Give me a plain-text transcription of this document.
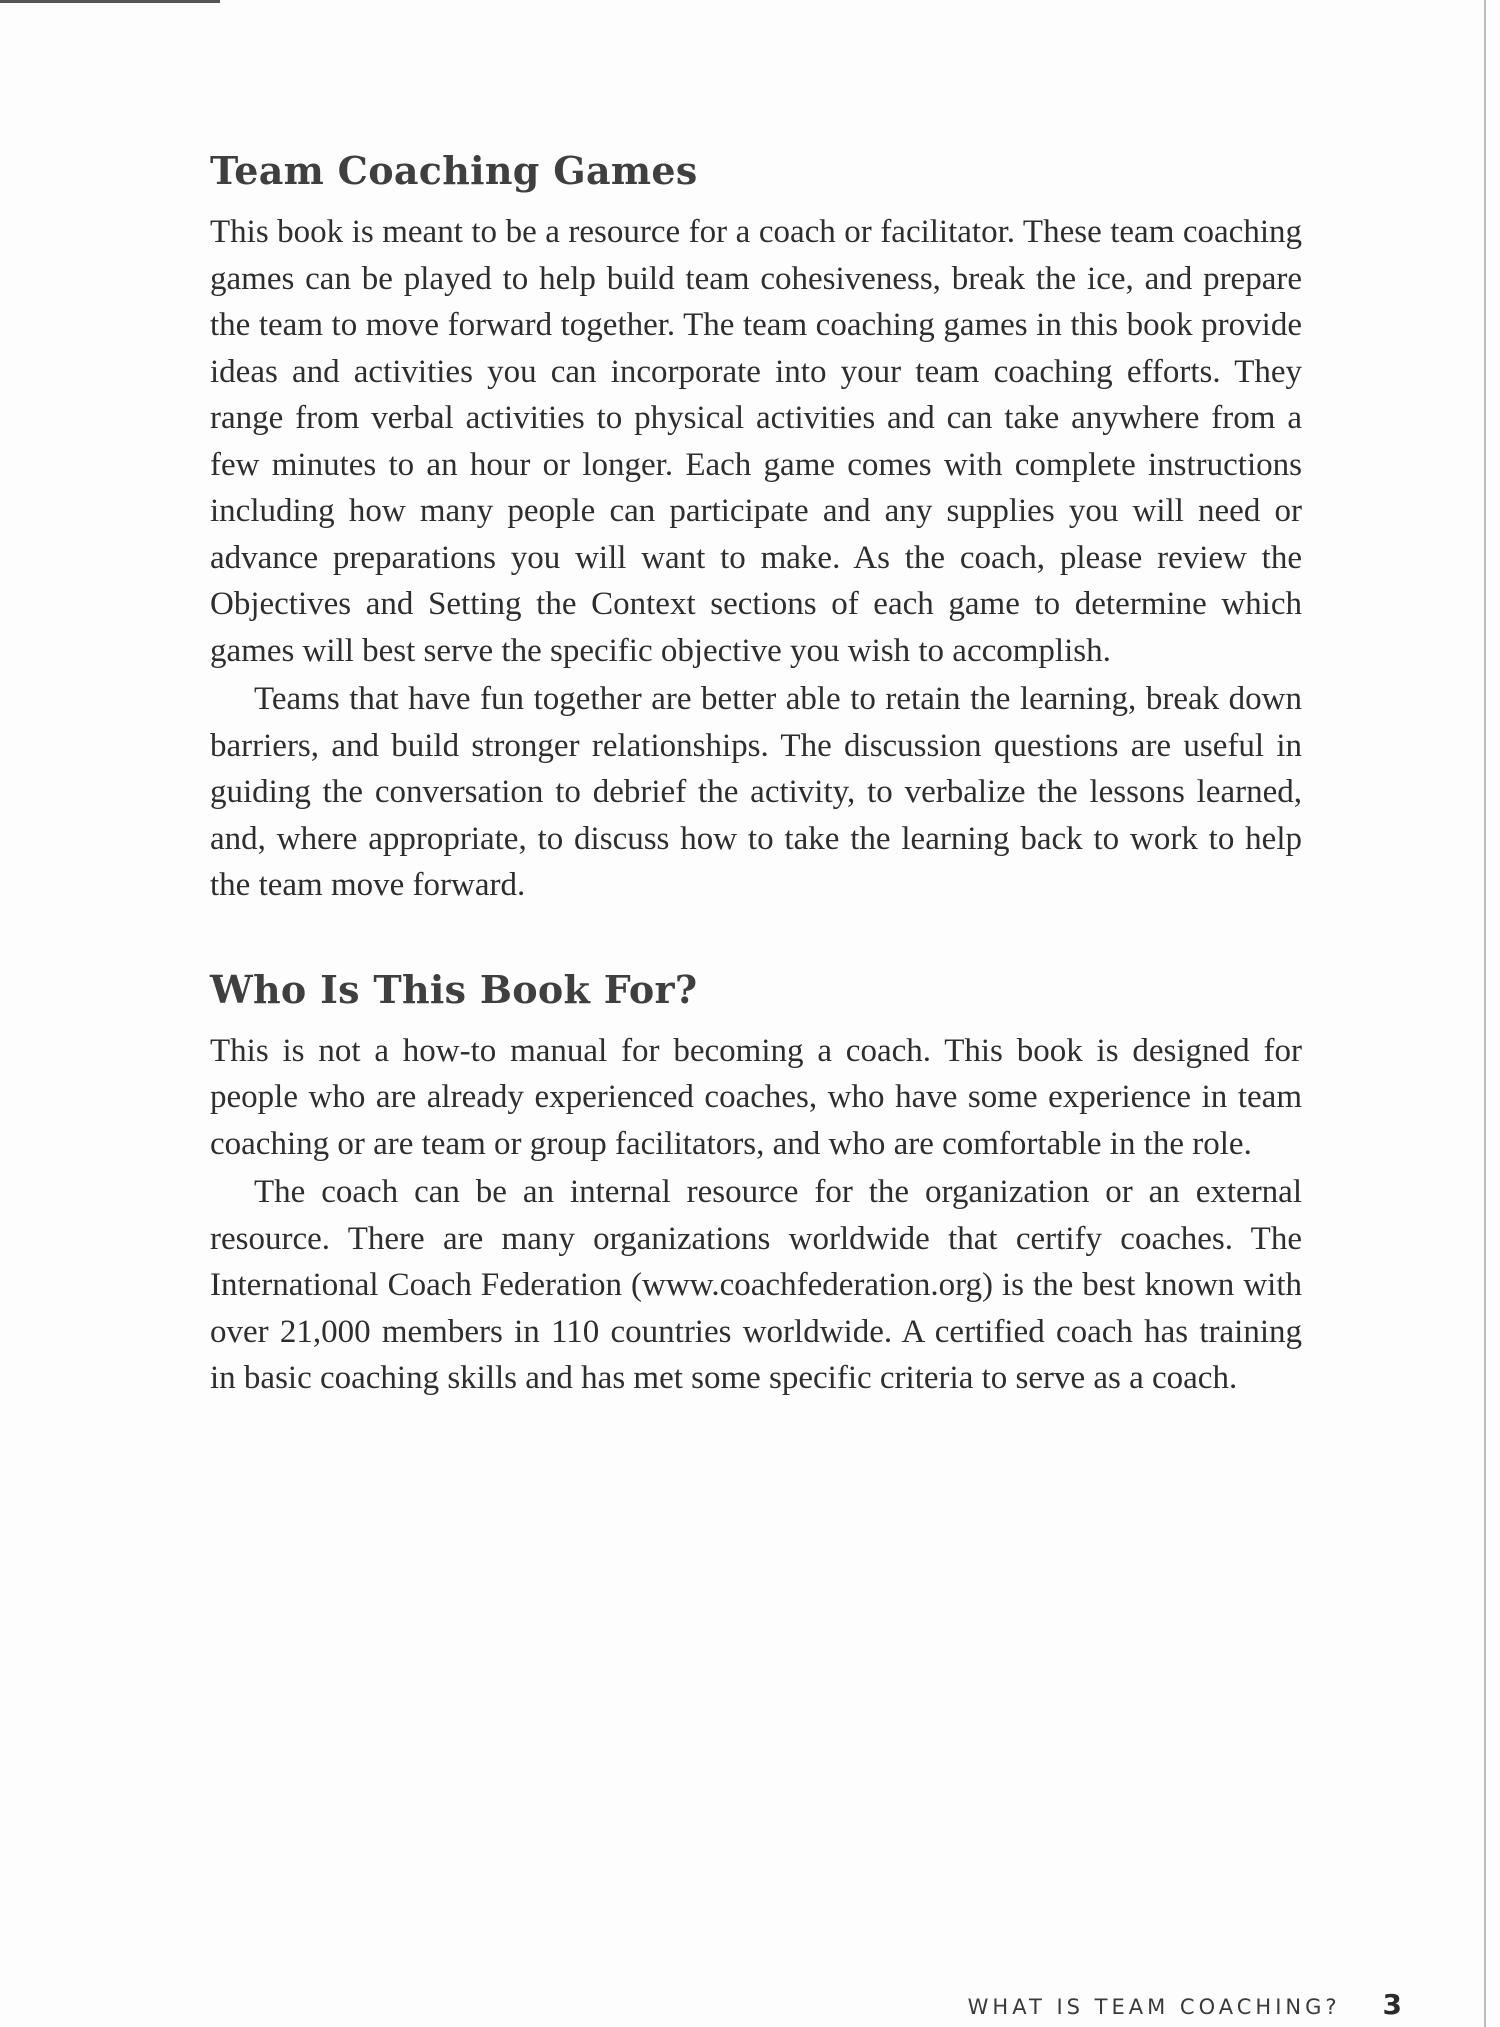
Team Coaching Games

This book is meant to be a resource for a coach or facilitator. These team coaching games can be played to help build team cohesiveness, break the ice, and prepare the team to move forward together. The team coaching games in this book provide ideas and activities you can incorporate into your team coaching efforts. They range from verbal activities to physical activities and can take anywhere from a few minutes to an hour or longer. Each game comes with complete instructions including how many people can participate and any supplies you will need or advance preparations you will want to make. As the coach, please review the Objectives and Setting the Context sections of each game to determine which games will best serve the specific objective you wish to accomplish.

Teams that have fun together are better able to retain the learning, break down barriers, and build stronger relationships. The discussion questions are useful in guiding the conversation to debrief the activity, to verbalize the lessons learned, and, where appropriate, to discuss how to take the learning back to work to help the team move forward.

Who Is This Book For?

This is not a how-to manual for becoming a coach. This book is designed for people who are already experienced coaches, who have some experience in team coaching or are team or group facilitators, and who are comfortable in the role.

The coach can be an internal resource for the organization or an external resource. There are many organizations worldwide that certify coaches. The International Coach Federation (www.coachfederation.org) is the best known with over 21,000 members in 110 countries worldwide. A certified coach has training in basic coaching skills and has met some specific criteria to serve as a coach.

WHAT IS TEAM COACHING? 3
